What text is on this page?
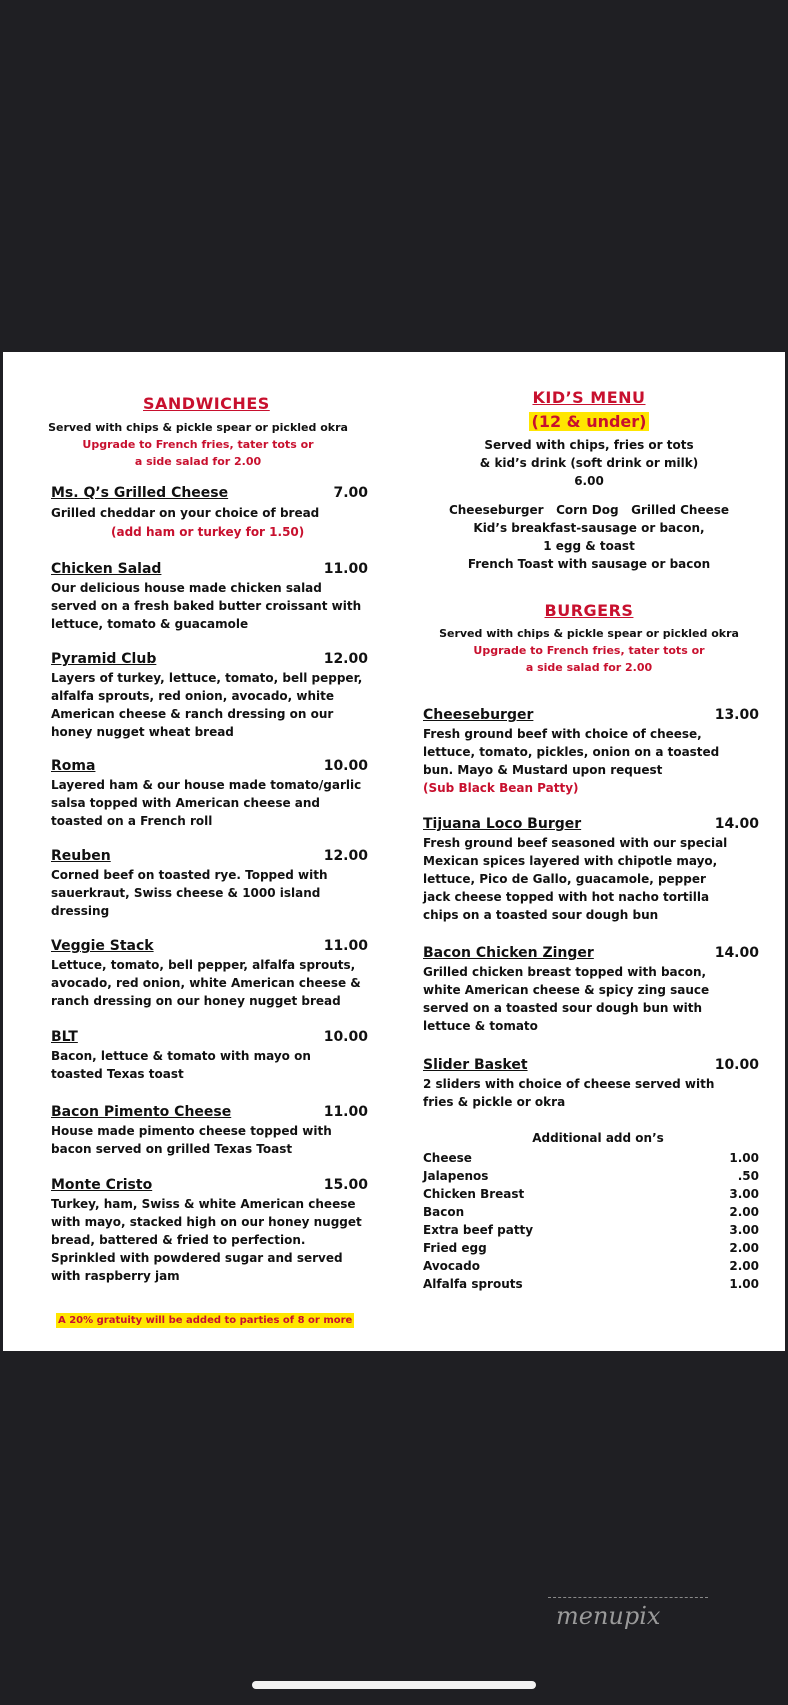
SANDWICHES
Served with chips & pickle spear or pickled okra
Upgrade to French fries, tater tots or
a side salad for 2.00
Ms. Q’s Grilled Cheese	7.00
Grilled cheddar on your choice of bread
(add ham or turkey for 1.50)
Chicken Salad	11.00
Our delicious house made chicken salad
served on a fresh baked butter croissant with
lettuce, tomato & guacamole
Pyramid Club	12.00
Layers of turkey, lettuce, tomato, bell pepper,
alfalfa sprouts, red onion, avocado, white
American cheese & ranch dressing on our
honey nugget wheat bread
Roma	10.00
Layered ham & our house made tomato/garlic
salsa topped with American cheese and
toasted on a French roll
Reuben	12.00
Corned beef on toasted rye. Topped with
sauerkraut, Swiss cheese & 1000 island
dressing
Veggie Stack	11.00
Lettuce, tomato, bell pepper, alfalfa sprouts,
avocado, red onion, white American cheese &
ranch dressing on our honey nugget bread
BLT	10.00
Bacon, lettuce & tomato with mayo on
toasted Texas toast
Bacon Pimento Cheese	11.00
House made pimento cheese topped with
bacon served on grilled Texas Toast
Monte Cristo	15.00
Turkey, ham, Swiss & white American cheese
with mayo, stacked high on our honey nugget
bread, battered & fried to perfection.
Sprinkled with powdered sugar and served
with raspberry jam
A 20% gratuity will be added to parties of 8 or more
KID’S MENU
(12 & under)
Served with chips, fries or tots
& kid’s drink (soft drink or milk)
6.00
Cheeseburger   Corn Dog   Grilled Cheese
Kid’s breakfast-sausage or bacon,
1 egg & toast
French Toast with sausage or bacon
BURGERS
Served with chips & pickle spear or pickled okra
Upgrade to French fries, tater tots or
a side salad for 2.00
Cheeseburger	13.00
Fresh ground beef with choice of cheese,
lettuce, tomato, pickles, onion on a toasted
bun. Mayo & Mustard upon request
(Sub Black Bean Patty)
Tijuana Loco Burger	14.00
Fresh ground beef seasoned with our special
Mexican spices layered with chipotle mayo,
lettuce, Pico de Gallo, guacamole, pepper
jack cheese topped with hot nacho tortilla
chips on a toasted sour dough bun
Bacon Chicken Zinger	14.00
Grilled chicken breast topped with bacon,
white American cheese & spicy zing sauce
served on a toasted sour dough bun with
lettuce & tomato
Slider Basket	10.00
2 sliders with choice of cheese served with
fries & pickle or okra
Additional add on’s
Cheese	1.00
Jalapenos	.50
Chicken Breast	3.00
Bacon	2.00
Extra beef patty	3.00
Fried egg	2.00
Avocado	2.00
Alfalfa sprouts	1.00
menupix
